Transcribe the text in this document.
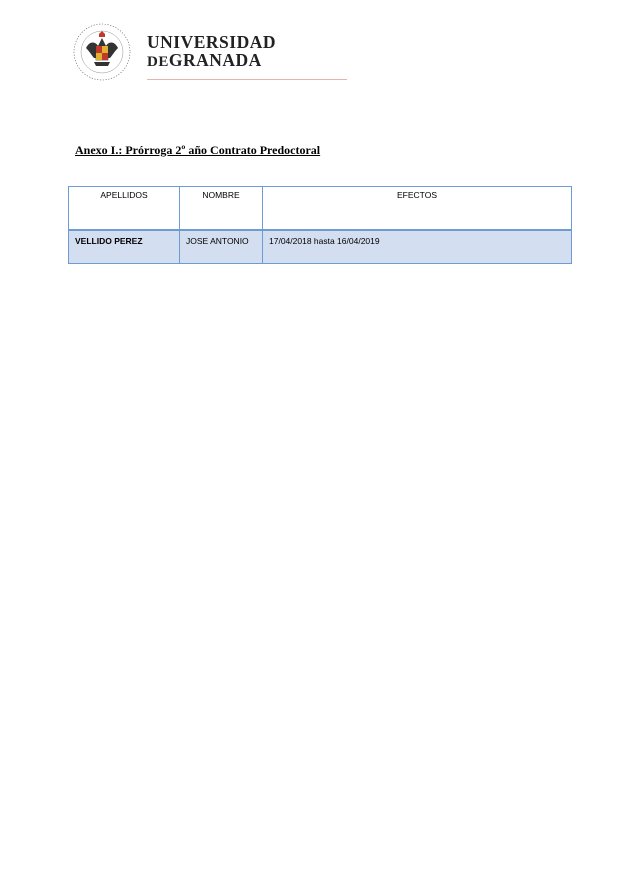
UNIVERSIDAD
DEGRANADA
Anexo I.: Prórroga 2º año Contrato Predoctoral
APELLIDOS	NOMBRE	EFECTOS
VELLIDO PEREZ	JOSE ANTONIO	17/04/2018 hasta 16/04/2019
